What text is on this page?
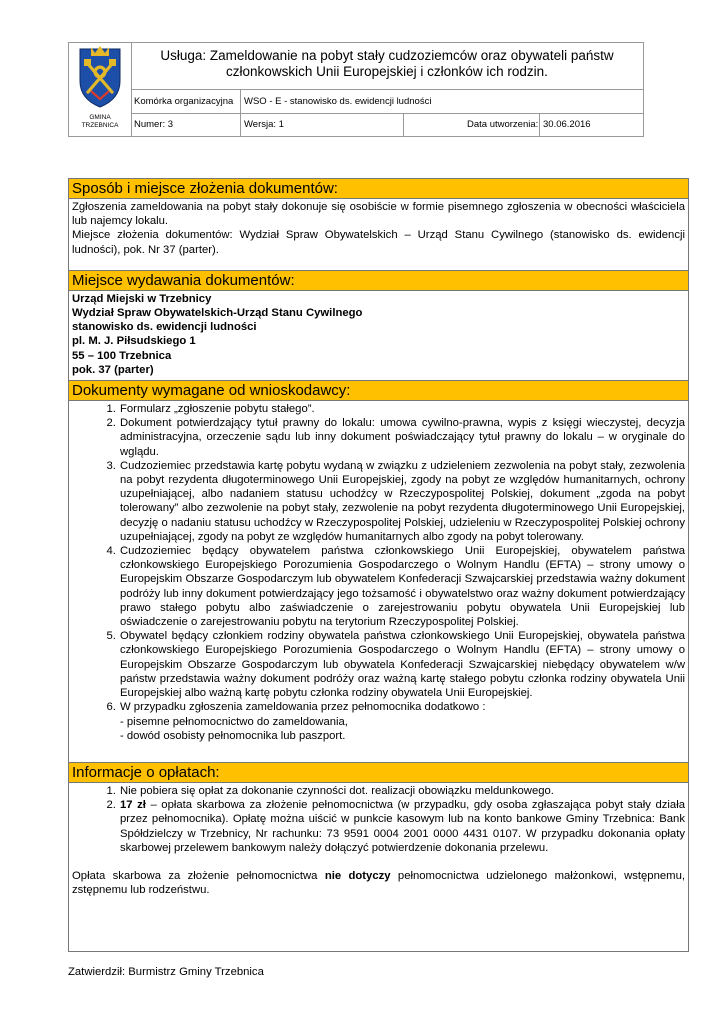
GMINA
TRZEBNICA
Usługa: Zameldowanie na pobyt stały cudzoziemców oraz obywateli państw członkowskich Unii Europejskiej i członków ich rodzin.
Komórka organizacyjna	WSO - E - stanowisko ds. ewidencji ludności
Numer: 3	Wersja: 1	Data utworzenia: 30.06.2016
Sposób i miejsce złożenia dokumentów:

Zgłoszenia zameldowania na pobyt stały dokonuje się osobiście w formie pisemnego zgłoszenia w obecności właściciela lub najemcy lokalu.

Miejsce złożenia dokumentów: Wydział Spraw Obywatelskich – Urząd Stanu Cywilnego (stanowisko ds. ewidencji ludności), pok. Nr 37 (parter).

Miejsce wydawania dokumentów:
Urząd Miejski w Trzebnicy
Wydział Spraw Obywatelskich-Urząd Stanu Cywilnego
stanowisko ds. ewidencji ludności
pl. M. J. Piłsudskiego 1
55 – 100 Trzebnica
pok. 37 (parter)
Dokumenty wymagane od wnioskodawcy:
1. Formularz „zgłoszenie pobytu stałego”.
2. Dokument potwierdzający tytuł prawny do lokalu: umowa cywilno-prawna, wypis z księgi wieczystej, decyzja administracyjna, orzeczenie sądu lub inny dokument poświadczający tytuł prawny do lokalu – w oryginale do wglądu.
3. Cudzoziemiec przedstawia kartę pobytu wydaną w związku z udzieleniem zezwolenia na pobyt stały, zezwolenia na pobyt rezydenta długoterminowego Unii Europejskiej, zgody na pobyt ze względów humanitarnych, ochrony uzupełniającej, albo nadaniem statusu uchodźcy w Rzeczypospolitej Polskiej, dokument „zgoda na pobyt tolerowany” albo zezwolenie na pobyt stały, zezwolenie na pobyt rezydenta długoterminowego Unii Europejskiej, decyzję o nadaniu statusu uchodźcy w Rzeczypospolitej Polskiej, udzieleniu w Rzeczypospolitej Polskiej ochrony uzupełniającej, zgody na pobyt ze względów humanitarnych albo zgody na pobyt tolerowany.
4. Cudzoziemiec będący obywatelem państwa członkowskiego Unii Europejskiej, obywatelem państwa członkowskiego Europejskiego Porozumienia Gospodarczego o Wolnym Handlu (EFTA) – strony umowy o Europejskim Obszarze Gospodarczym lub obywatelem Konfederacji Szwajcarskiej przedstawia ważny dokument podróży lub inny dokument potwierdzający jego tożsamość i obywatelstwo oraz ważny dokument potwierdzający prawo stałego pobytu albo zaświadczenie o zarejestrowaniu pobytu obywatela Unii Europejskiej lub oświadczenie o zarejestrowaniu pobytu na terytorium Rzeczypospolitej Polskiej.
5. Obywatel będący członkiem rodziny obywatela państwa członkowskiego Unii Europejskiej, obywatela państwa członkowskiego Europejskiego Porozumienia Gospodarczego o Wolnym Handlu (EFTA) – strony umowy o Europejskim Obszarze Gospodarczym lub obywatela Konfederacji Szwajcarskiej niebędący obywatelem w/w państw przedstawia ważny dokument podróży oraz ważną kartę stałego pobytu członka rodziny obywatela Unii Europejskiej albo ważną kartę pobytu członka rodziny obywatela Unii Europejskiej.
6. W przypadku zgłoszenia zameldowania przez pełnomocnika dodatkowo :
- pisemne pełnomocnictwo do zameldowania,
- dowód osobisty pełnomocnika lub paszport.
Informacje o opłatach:
1. Nie pobiera się opłat za dokonanie czynności dot. realizacji obowiązku meldunkowego.
2. 17 zł – opłata skarbowa za złożenie pełnomocnictwa (w przypadku, gdy osoba zgłaszająca pobyt stały działa przez pełnomocnika). Opłatę można uiścić w punkcie kasowym lub na konto bankowe Gminy Trzebnica: Bank Spółdzielczy w Trzebnicy, Nr rachunku: 73 9591 0004 2001 0000 4431 0107. W przypadku dokonania opłaty skarbowej przelewem bankowym należy dołączyć potwierdzenie dokonania przelewu.

Opłata skarbowa za złożenie pełnomocnictwa nie dotyczy pełnomocnictwa udzielonego małżonkowi, wstępnemu, zstępnemu lub rodzeństwu.

Zatwierdził: Burmistrz Gminy Trzebnica
